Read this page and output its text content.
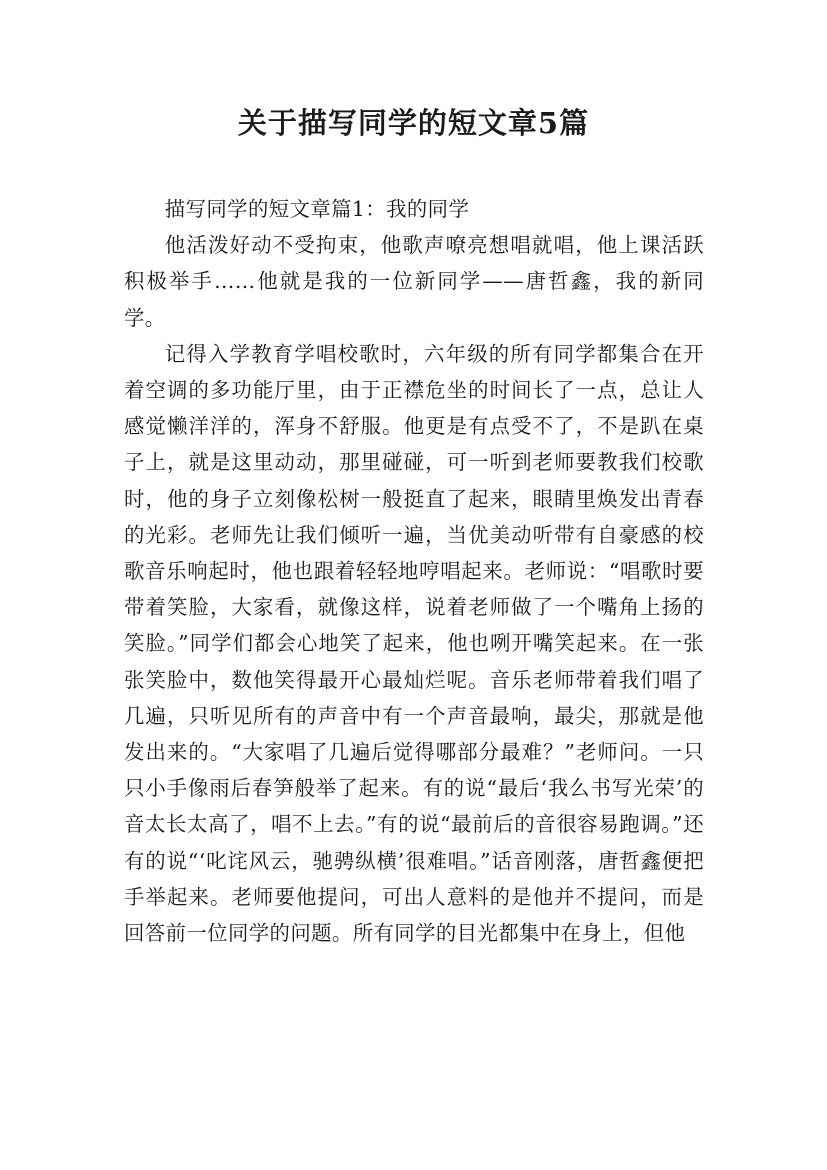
关于描写同学的短文章5篇

描写同学的短文章篇1：我的同学

他活泼好动不受拘束，他歌声嘹亮想唱就唱，他上课活跃积极举手……他就是我的一位新同学——唐哲鑫，我的新同学。

记得入学教育学唱校歌时，六年级的所有同学都集合在开着空调的多功能厅里，由于正襟危坐的时间长了一点，总让人感觉懒洋洋的，浑身不舒服。他更是有点受不了，不是趴在桌子上，就是这里动动，那里碰碰，可一听到老师要教我们校歌时，他的身子立刻像松树一般挺直了起来，眼睛里焕发出青春的光彩。老师先让我们倾听一遍，当优美动听带有自豪感的校歌音乐响起时，他也跟着轻轻地哼唱起来。老师说：“唱歌时要带着笑脸，大家看，就像这样，说着老师做了一个嘴角上扬的笑脸。”同学们都会心地笑了起来，他也咧开嘴笑起来。在一张张笑脸中，数他笑得最开心最灿烂呢。音乐老师带着我们唱了几遍，只听见所有的声音中有一个声音最响，最尖，那就是他发出来的。“大家唱了几遍后觉得哪部分最难？”老师问。一只只小手像雨后春笋般举了起来。有的说“最后‘我么书写光荣’的音太长太高了，唱不上去。”有的说“最前后的音很容易跑调。”还有的说“‘叱诧风云，驰骋纵横’很难唱。”话音刚落，唐哲鑫便把手举起来。老师要他提问，可出人意料的是他并不提问，而是回答前一位同学的问题。所有同学的目光都集中在身上，但他
